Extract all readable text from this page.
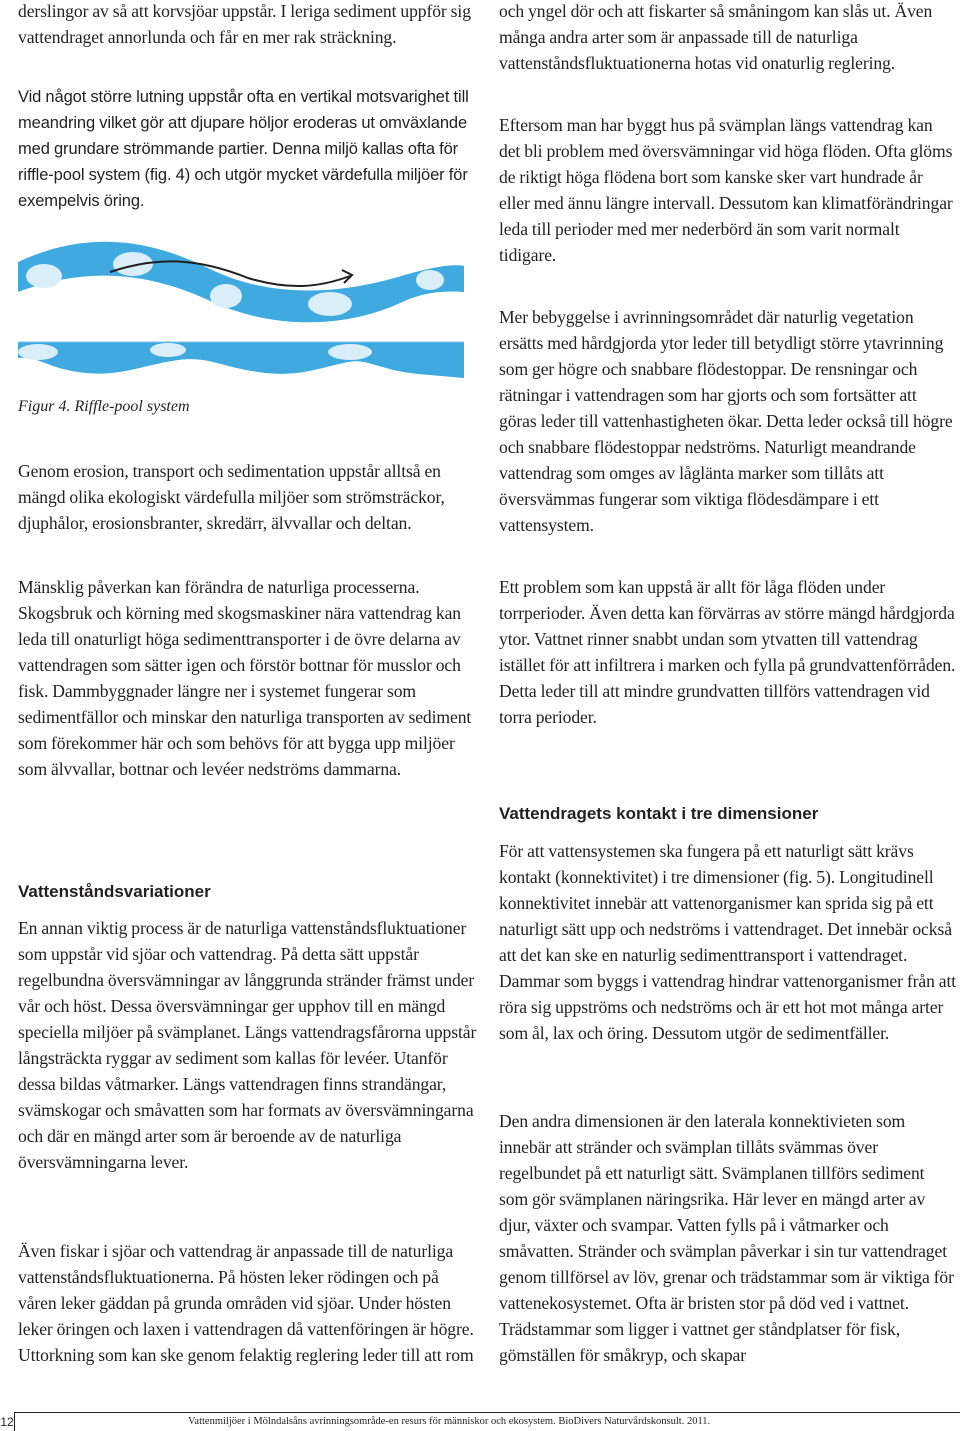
derslingor av så att korvsjöar uppstår. I leriga sediment uppför sig vattendraget annorlunda och får en mer rak sträckning.

Vid något större lutning uppstår ofta en vertikal motsvarighet till meandring vilket gör att djupare höljor eroderas ut omväxlande med grundare strömmande partier. Denna miljö kallas ofta för riffle-pool system (fig. 4) och utgör mycket värdefulla miljöer för exempelvis öring.

Figur 4. Riffle-pool system

Genom erosion, transport och sedimentation uppstår alltså en mängd olika ekologiskt värdefulla miljöer som strömsträckor, djuphålor, erosionsbranter, skredärr, älvvallar och deltan.

Mänsklig påverkan kan förändra de naturliga processerna. Skogsbruk och körning med skogsmaskiner nära vattendrag kan leda till onaturligt höga sedimenttransporter i de övre delarna av vattendragen som sätter igen och förstör bottnar för musslor och fisk. Dammbyggnader längre ner i systemet fungerar som sedimentfällor och minskar den naturliga transporten av sediment som förekommer här och som behövs för att bygga upp miljöer som älvvallar, bottnar och levéer nedströms dammarna.

Vattenståndsvariationer

En annan viktig process är de naturliga vattenståndsfluktuationer som uppstår vid sjöar och vattendrag. På detta sätt uppstår regelbundna översvämningar av långgrunda stränder främst under vår och höst. Dessa översvämningar ger upphov till en mängd speciella miljöer på svämplanet. Längs vattendragsfårorna uppstår långsträckta ryggar av sediment som kallas för levéer. Utanför dessa bildas våtmarker. Längs vattendragen finns strandängar, svämskogar och småvatten som har formats av översvämningarna och där en mängd arter som är beroende av de naturliga översvämningarna lever.

Även fiskar i sjöar och vattendrag är anpassade till de naturliga vattenståndsfluktuationerna. På hösten leker rödingen och på våren leker gäddan på grunda områden vid sjöar. Under hösten leker öringen och laxen i vattendragen då vattenföringen är högre. Uttorkning som kan ske genom felaktig reglering leder till att rom

och yngel dör och att fiskarter så småningom kan slås ut. Även många andra arter som är anpassade till de naturliga vattenståndsfluktuationerna hotas vid onaturlig reglering.

Eftersom man har byggt hus på svämplan längs vattendrag kan det bli problem med översvämningar vid höga flöden. Ofta glöms de riktigt höga flödena bort som kanske sker vart hundrade år eller med ännu längre intervall. Dessutom kan klimatförändringar leda till perioder med mer nederbörd än som varit normalt tidigare.

Mer bebyggelse i avrinningsområdet där naturlig vegetation ersätts med hårdgjorda ytor leder till betydligt större ytavrinning som ger högre och snabbare flödestoppar. De rensningar och rätningar i vattendragen som har gjorts och som fortsätter att göras leder till vattenhastigheten ökar. Detta leder också till högre och snabbare flödestoppar nedströms. Naturligt meandrande vattendrag som omges av låglänta marker som tillåts att översvämmas fungerar som viktiga flödesdämpare i ett vattensystem.

Ett problem som kan uppstå är allt för låga flöden under torrperioder. Även detta kan förvärras av större mängd hårdgjorda ytor. Vattnet rinner snabbt undan som ytvatten till vattendrag istället för att infiltrera i marken och fylla på grundvattenförråden. Detta leder till att mindre grundvatten tillförs vattendragen vid torra perioder.

Vattendragets kontakt i tre dimensioner

För att vattensystemen ska fungera på ett naturligt sätt krävs kontakt (konnektivitet) i tre dimensioner (fig. 5). Longitudinell konnektivitet innebär att vattenorganismer kan sprida sig på ett naturligt sätt upp och nedströms i vattendraget. Det innebär också att det kan ske en naturlig sedimenttransport i vattendraget. Dammar som byggs i vattendrag hindrar vattenorganismer från att röra sig uppströms och nedströms och är ett hot mot många arter som ål, lax och öring. Dessutom utgör de sedimentfäller.

Den andra dimensionen är den laterala konnektivieten som innebär att stränder och svämplan tillåts svämmas över regelbundet på ett naturligt sätt. Svämplanen tillförs sediment som gör svämplanen näringsrika. Här lever en mängd arter av djur, växter och svampar. Vatten fylls på i våtmarker och småvatten. Stränder och svämplan påverkar i sin tur vattendraget genom tillförsel av löv, grenar och trädstammar som är viktiga för vattenekosystemet. Ofta är bristen stor på död ved i vattnet. Trädstammar som ligger i vattnet ger ståndplatser för fisk, gömställen för småkryp, och skapar

12	Vattenmiljöer i Mölndalsåns avrinningsområde-en resurs för människor och ekosystem. BioDivers Naturvårdskonsult. 2011.
